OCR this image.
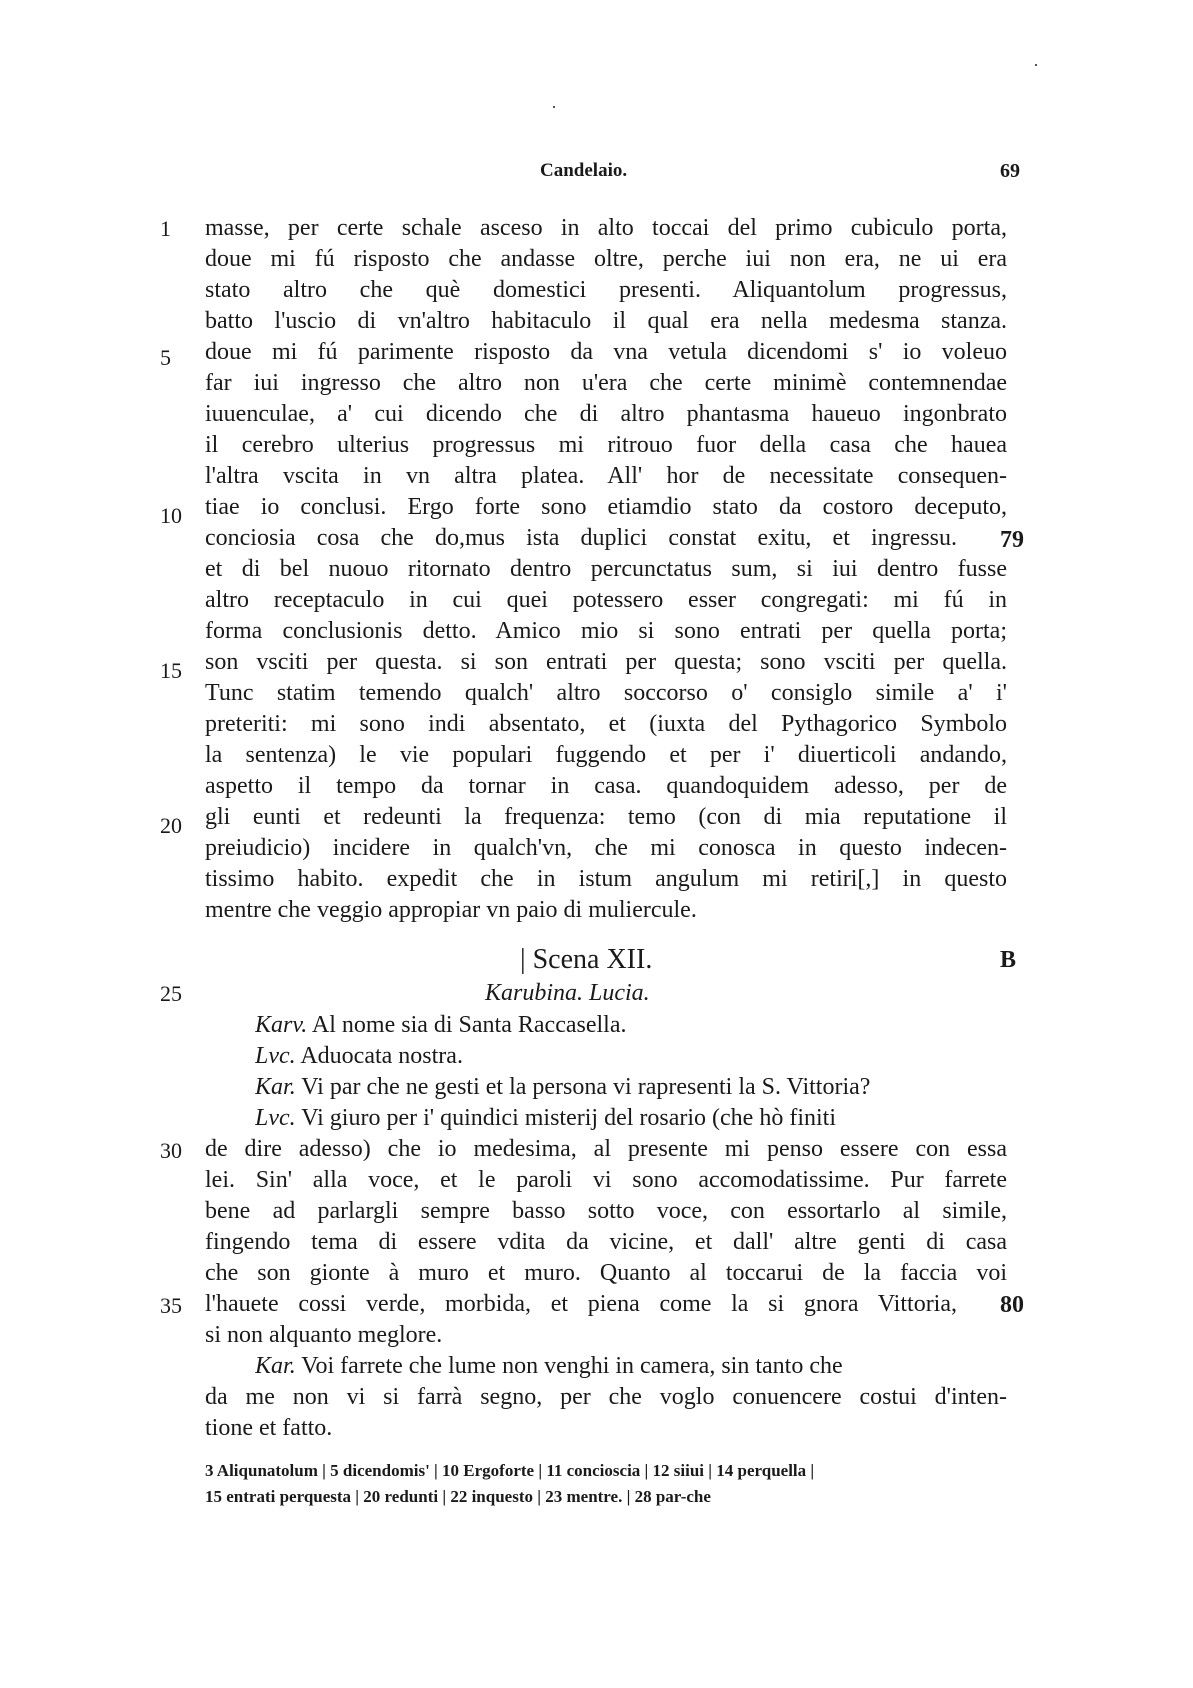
Candelaio.	69
1
5
10
15
20
25
30
35
79
B
80
masse, per certe schale asceso in alto toccai del primo cubiculo porta,
doue mi fú risposto che andasse oltre, perche iui non era, ne ui era
stato altro che què domestici presenti. Aliquantolum progressus,
batto l'uscio di vn'altro habitaculo il qual era nella medesma stanza.
doue mi fú parimente risposto da vna vetula dicendomi s' io voleuo
far iui ingresso che altro non u'era che certe minimè contemnendae
iuuenculae, a' cui dicendo che di altro phantasma haueuo ingonbrato
il cerebro ulterius progressus mi ritrouo fuor della casa che hauea
l'altra vscita in vn altra platea. All' hor de necessitate consequen-
tiae io conclusi. Ergo forte sono etiamdio stato da costoro deceputo,
conciosia cosa che do,mus ista duplici constat exitu, et ingressu.
et di bel nuouo ritornato dentro percunctatus sum, si iui dentro fusse
altro receptaculo in cui quei potessero esser congregati: mi fú in
forma conclusionis detto. Amico mio si sono entrati per quella porta;
son vsciti per questa. si son entrati per questa; sono vsciti per quella.
Tunc statim temendo qualch' altro soccorso o' consiglo simile a' i'
preteriti: mi sono indi absentato, et (iuxta del Pythagorico Symbolo
la sentenza) le vie populari fuggendo et per i' diuerticoli andando,
aspetto il tempo da tornar in casa. quandoquidem adesso, per de
gli eunti et redeunti la frequenza: temo (con di mia reputatione il
preiudicio) incidere in qualch'vn, che mi conosca in questo indecen-
tissimo habito. expedit che in istum angulum mi retiri[,] in questo
mentre che veggio appropiar vn paio di muliercule.
| Scena XII.
Karubina. Lucia.
Karv. Al nome sia di Santa Raccasella.
Lvc. Aduocata nostra.
Kar. Vi par che ne gesti et la persona vi rapresenti la S. Vittoria?
Lvc. Vi giuro per i' quindici misterij del rosario (che hò finiti
de dire adesso) che io medesima, al presente mi penso essere con essa
lei. Sin' alla voce, et le paroli vi sono accomodatissime. Pur farrete
bene ad parlargli sempre basso sotto voce, con essortarlo al simile,
fingendo tema di essere vdita da vicine, et dall' altre genti di casa
che son gionte à muro et muro. Quanto al toccarui de la faccia voi
l'hauete cossi verde, morbida, et piena come la si gnora Vittoria,
si non alquanto meglore.
Kar. Voi farrete che lume non venghi in camera, sin tanto che
da me non vi si farrà segno, per che voglo conuencere costui d'inten-
tione et fatto.
3 Aliqunatolum | 5 dicendomis' | 10 Ergoforte | 11 concioscia | 12 siiui | 14 perquella |
15 entrati perquesta | 20 redunti | 22 inquesto | 23 mentre. | 28 par-che
